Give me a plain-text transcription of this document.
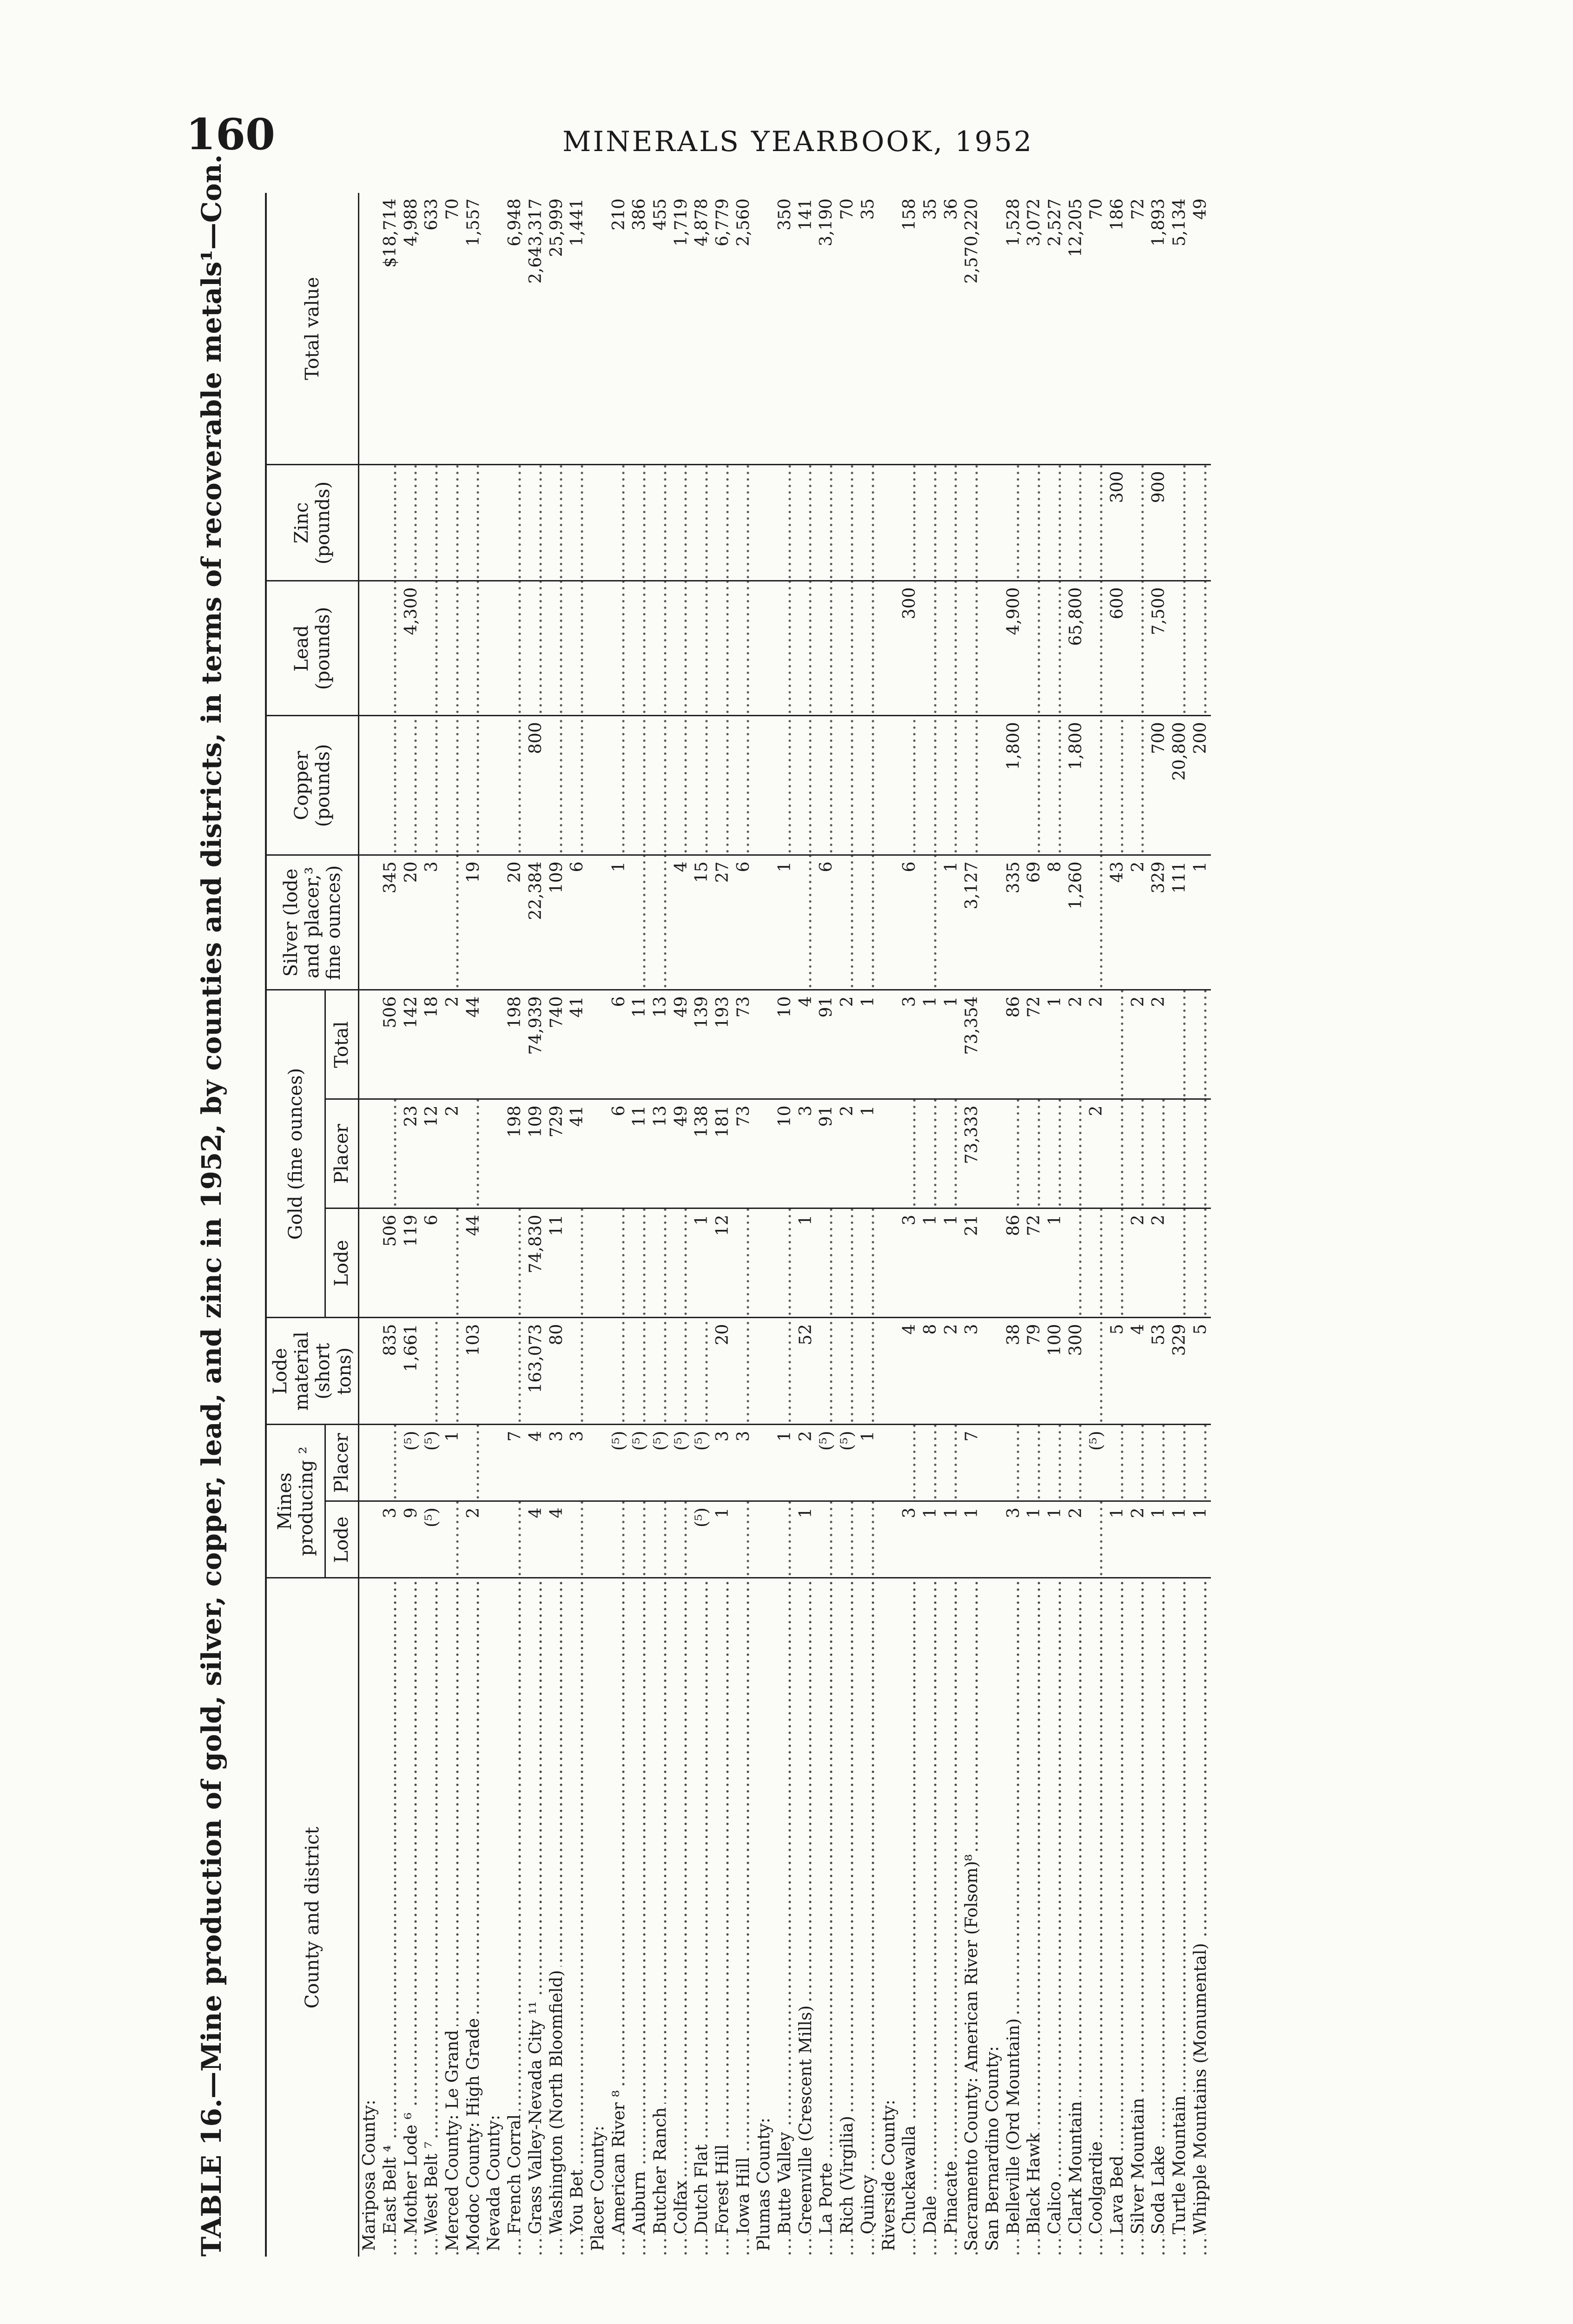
160	MINERALS YEARBOOK, 1952
TABLE 16.—Mine production of gold, silver, copper, lead, and zinc in 1952, by counties and districts, in terms of recoverable metals¹—Con.	County and district	Mines producing ²		Lode material (short tons)	Gold (fine ounces)			Silver (lode and placer,³ fine ounces)	Copper (pounds)	Lead (pounds)	Zinc (pounds)	Total value
	Lode	Placer		Lode	Placer	Total					
Mariposa County:											
East Belt ⁴	3		835	506		506	345				$18,714
Mother Lode ⁶	9	(⁵)	1,661	119	23	142	20		4,300		4,988
West Belt ⁷	(⁵)	(⁵)		6	12	18	3				633
Merced County: Le Grand		1			2	2					70
Modoc County: High Grade	2		103	44		44	19				1,557
Nevada County:											
French Corral		7			198	198	20				6,948
Grass Valley-Nevada City ¹¹	4	4	163,073	74,830	109	74,939	22,384	800			2,643,317
Washington (North Bloomfield)	4	3	80	11	729	740	109				25,999
You Bet		3			41	41	6				1,441
Placer County:											
American River ⁸		(⁵)			6	6	1				210
Auburn		(⁵)			11	11					386
Butcher Ranch		(⁵)			13	13					455
Colfax		(⁵)			49	49	4				1,719
Dutch Flat	(⁵)	(⁵)		1	138	139	15				4,878
Forest Hill	1	3	20	12	181	193	27				6,779
Iowa Hill		3			73	73	6				2,560
Plumas County:											
Butte Valley		1			10	10	1				350
Greenville (Crescent Mills)	1	2	52	1	3	4					141
La Porte		(⁵)			91	91	6				3,190
Rich (Virgilia)		(⁵)			2	2					70
Quincy		1			1	1					35
Riverside County:											
Chuckawalla	3		4	3		3	6		300		158
Dale	1		8	1		1					35
Pinacate	1		2	1		1	1				36
Sacramento County: American River (Folsom)⁸	1	7	3	21	73,333	73,354	3,127				2,570,220
San Bernardino County:											
Belleville (Ord Mountain)	3		38	86		86	335	1,800	4,900		1,528
Black Hawk	1		79	72		72	69				3,072
Calico	1		100	1		1	8				2,527
Clark Mountain	2		300			2	1,260	1,800	65,800		12,205
Coolgardie		(⁵)			2	2					70
Lava Bed	1		5				43		600	300	186
Silver Mountain	2		4	2		2	2				72
Soda Lake	1		53	2		2	329	700	7,500	900	1,893
Turtle Mountain	1		329				111	20,800			5,134
Whipple Mountains (Monumental)	1		5				1	200			49
